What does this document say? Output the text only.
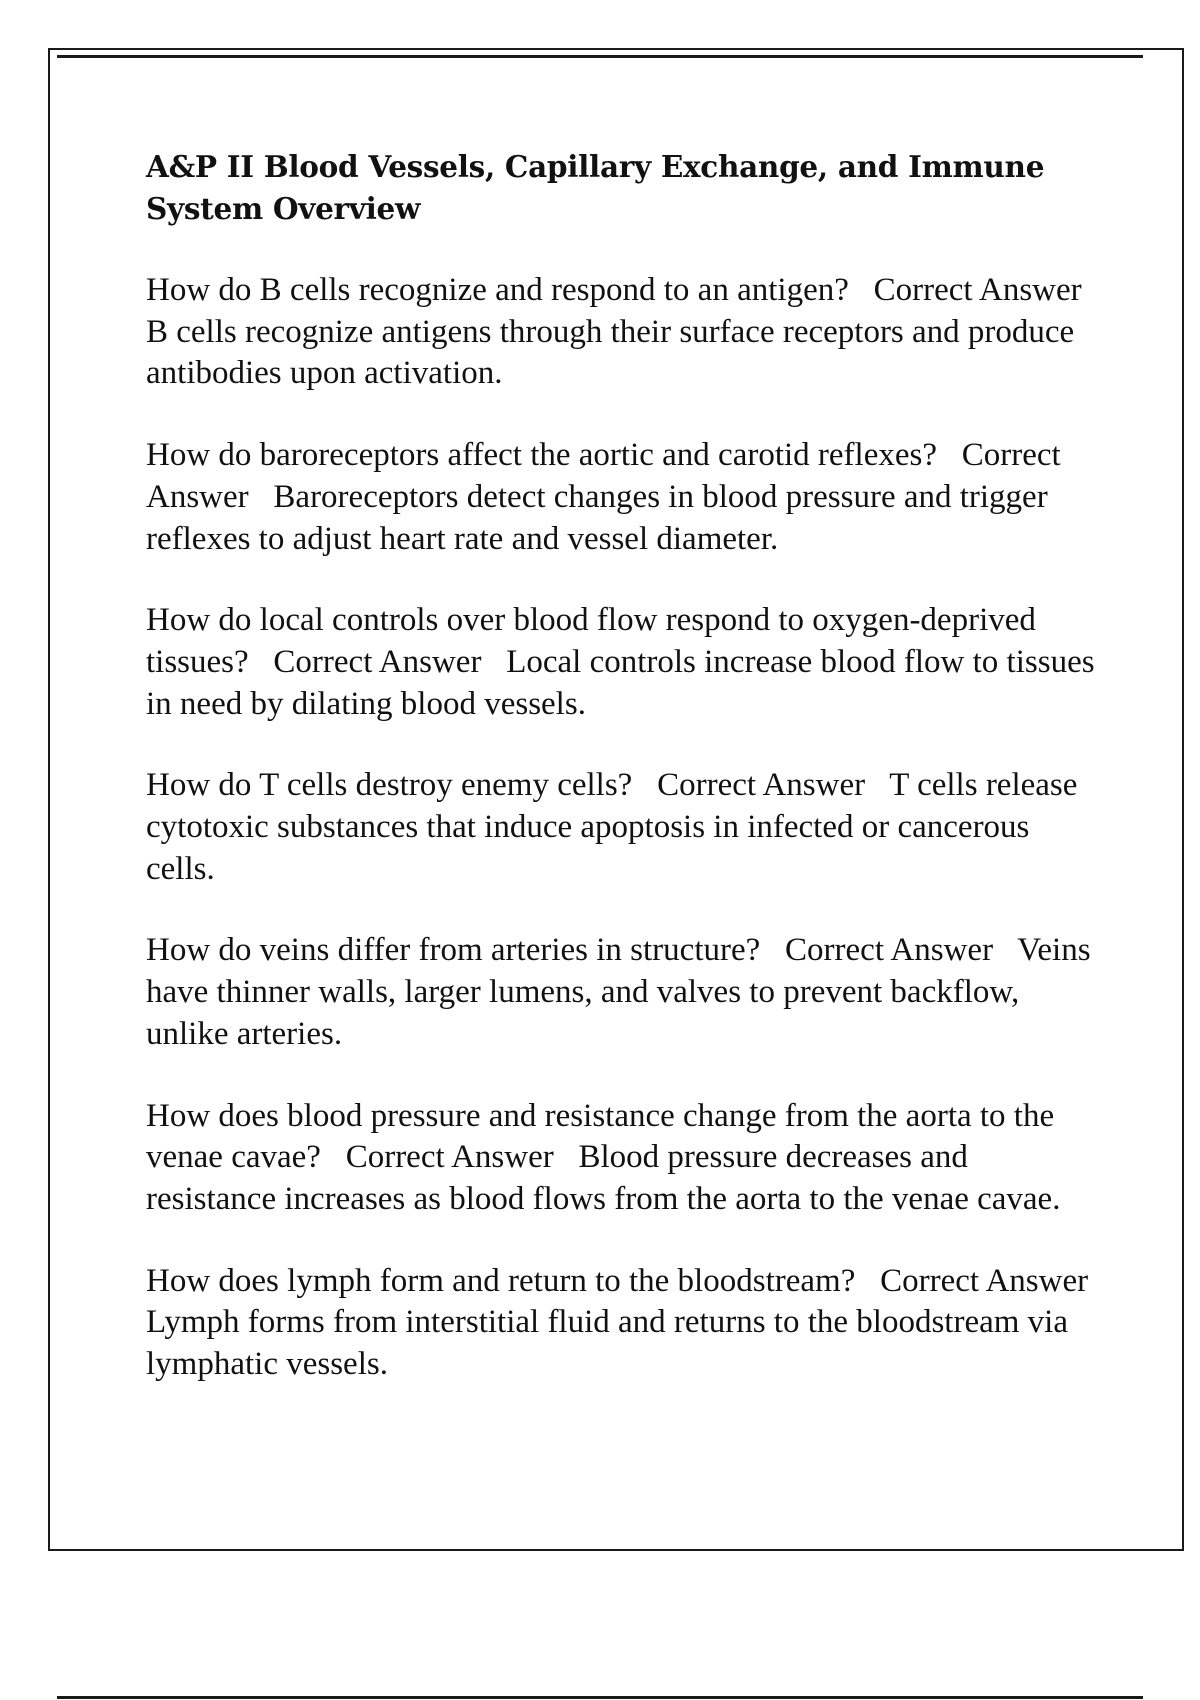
A&P II Blood Vessels, Capillary Exchange, and Immune System Overview

How do B cells recognize and respond to an antigen? Correct Answer   B cells recognize antigens through their surface receptors and produce antibodies upon activation.

How do baroreceptors affect the aortic and carotid reflexes? Correct Answer Baroreceptors detect changes in blood pressure and trigger reflexes to adjust heart rate and vessel diameter.

How do local controls over blood flow respond to oxygen-deprived tissues? Correct Answer Local controls increase blood flow to tissues in need by dilating blood vessels.

How do T cells destroy enemy cells? Correct Answer T cells release cytotoxic substances that induce apoptosis in infected or cancerous cells.

How do veins differ from arteries in structure? Correct Answer Veins have thinner walls, larger lumens, and valves to prevent backflow, unlike arteries.

How does blood pressure and resistance change from the aorta to the venae cavae? Correct Answer Blood pressure decreases and resistance increases as blood flows from the aorta to the venae cavae.

How does lymph form and return to the bloodstream? Correct Answer   Lymph forms from interstitial fluid and returns to the bloodstream via lymphatic vessels.
